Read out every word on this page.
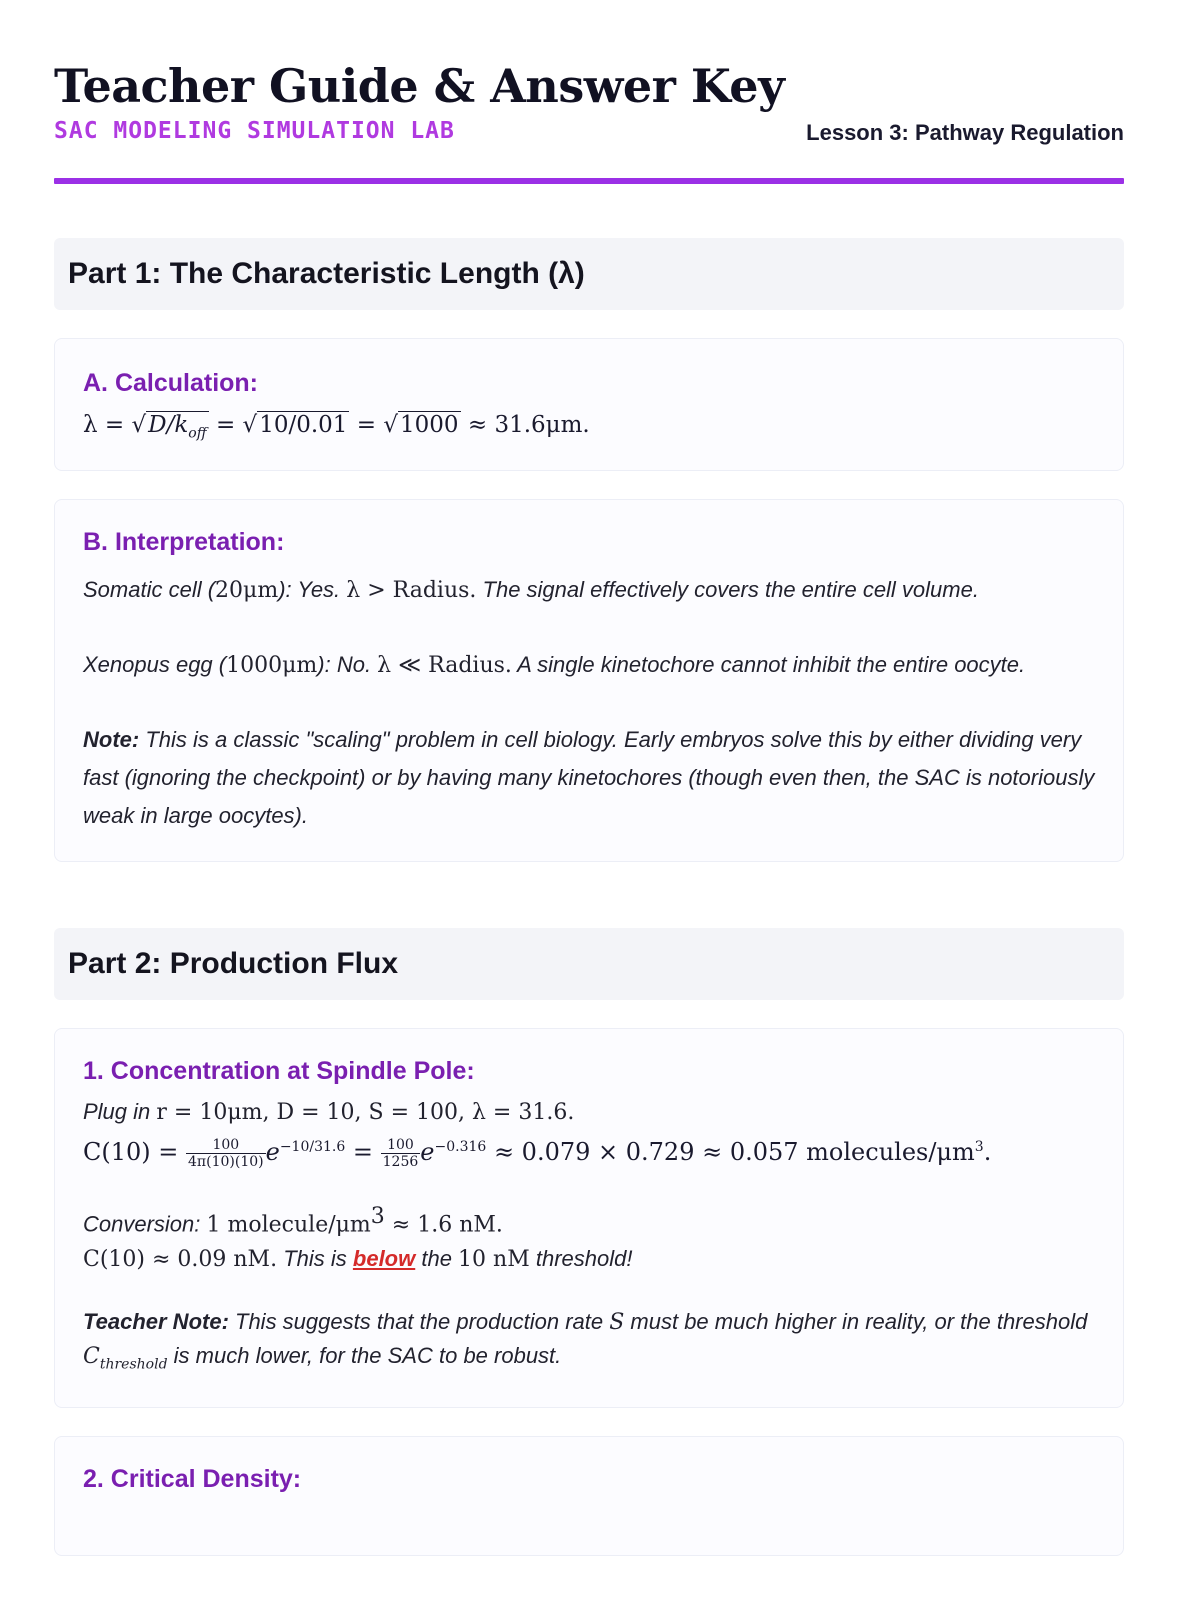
Teacher Guide & Answer Key
SAC MODELING SIMULATION LAB	Lesson 3: Pathway Regulation
Part 1: The Characteristic Length (λ)
A. Calculation:
$\lambda = √D/k_{off} = √10/0.01 = √1000 \approx 31.6\mu m$.
B. Interpretation:

Somatic cell (20μm): Yes. λ > Radius. The signal effectively covers the entire cell volume.

Xenopus egg (1000μm): No. λ ≪ Radius. A single kinetochore cannot inhibit the entire oocyte.

Note: This is a classic "scaling" problem in cell biology. Early embryos solve this by either dividing very fast (ignoring the checkpoint) or by having many kinetochores (though even then, the SAC is notoriously weak in large oocytes).

Part 2: Production Flux
1. Concentration at Spindle Pole:

Plug in r = 10μm, D = 10, S = 100, λ = 31.6.

$C(10) = \frac{100}{4\pi(10)(10)} e^{-10/31.6} = \frac{100}{1256} e^{-0.316} \approx 0.079 \times 0.729 \approx 0.057$ molecules/$\mu m^3$.

Conversion: 1 molecule/$\mu m^3 \approx 1.6$ nM.

C(10) ≈ 0.09 nM. This is below the 10 nM threshold!

Teacher Note: This suggests that the production rate S must be much higher in reality, or the threshold $C_{threshold}$ is much lower, for the SAC to be robust.

2. Critical Density:
